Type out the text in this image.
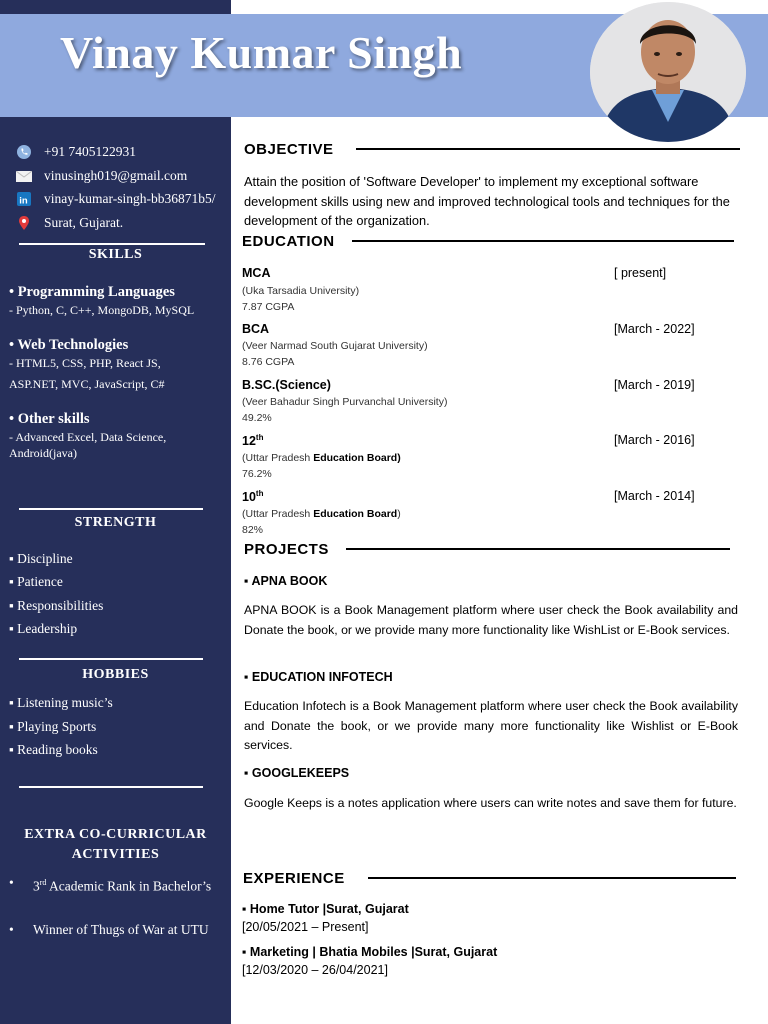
Vinay Kumar Singh
+91 7405122931
vinusingh019@gmail.com
in vinay-kumar-singh-bb36871b5/
Surat, Gujarat.
SKILLS
• Programming Languages
- Python, C, C++, MongoDB, MySQL
• Web Technologies
- HTML5, CSS, PHP, React JS, ASP.NET, MVC, JavaScript, C#
• Other skills
- Advanced Excel, Data Science, Android(java)
STRENGTH
▪ Discipline
▪ Patience
▪ Responsibilities
▪ Leadership
HOBBIES
▪ Listening music’s
▪ Playing Sports
▪ Reading books
EXTRA CO-CURRICULAR ACTIVITIES
• 3rd Academic Rank in Bachelor’s
• Winner of Thugs of War at UTU
OBJECTIVE
Attain the position of 'Software Developer' to implement my exceptional software development skills using new and improved technological tools and techniques for the development of the organization.
EDUCATION
MCA	[ present]
(Uka Tarsadia University)
7.87 CGPA
BCA	[March - 2022]
(Veer Narmad South Gujarat University)
8.76 CGPA
B.SC.(Science)	[March - 2019]
(Veer Bahadur Singh Purvanchal University)
49.2%
12th	[March - 2016]
(Uttar Pradesh Education Board)
76.2%
10th	[March - 2014]
(Uttar Pradesh Education Board)
82%
PROJECTS
▪ APNA BOOK
APNA BOOK is a Book Management platform where user check the Book availability and Donate the book, or we provide many more functionality like WishList or E-Book services.
▪ EDUCATION INFOTECH
Education Infotech is a Book Management platform where user check the Book availability and Donate the book, or we provide many more functionality like Wishlist or E-Book services.
▪ GOOGLEKEEPS
Google Keeps is a notes application where users can write notes and save them for future.
EXPERIENCE
▪ Home Tutor |Surat, Gujarat
[20/05/2021 – Present]
▪ Marketing | Bhatia Mobiles |Surat, Gujarat
[12/03/2020 – 26/04/2021]
